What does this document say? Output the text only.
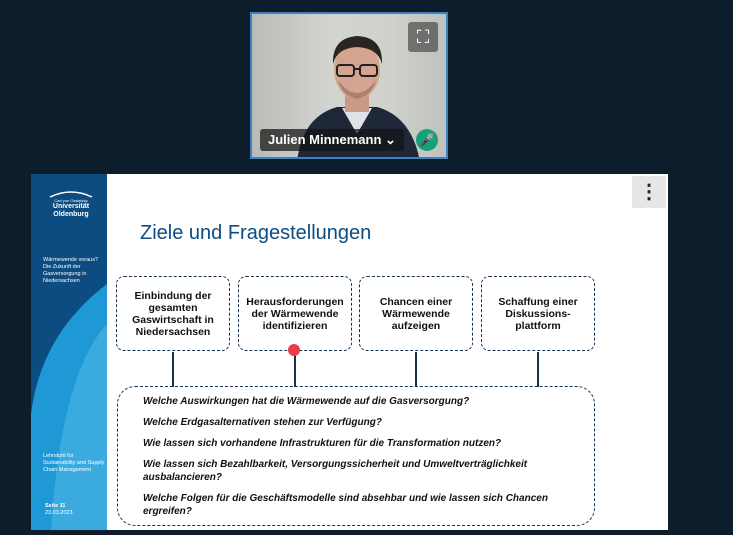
⛶
Julien Minnemann ⌄	🎤
Carl von Ossietzky
Universität
Oldenburg
Wärmewende voraus? Die Zukunft der Gasversorgung in Niedersachsen
Lehrstuhl für Sustainability and Supply Chain Management
Seite 11
23.03.2023
Ziele und Fragestellungen
⋮
Einbindung der gesamten Gaswirtschaft in Niedersachsen
Herausforderungen der Wärmewende identifizieren
Chancen einer Wärmewende aufzeigen
Schaffung einer Diskussions-plattform

Welche Auswirkungen hat die Wärmewende auf die Gasversorgung?

Welche Erdgasalternativen stehen zur Verfügung?

Wie lassen sich vorhandene Infrastrukturen für die Transformation nutzen?

Wie lassen sich Bezahlbarkeit, Versorgungssicherheit und Umweltverträglichkeit ausbalancieren?

Welche Folgen für die Geschäftsmodelle sind absehbar und wie lassen sich Chancen ergreifen?
